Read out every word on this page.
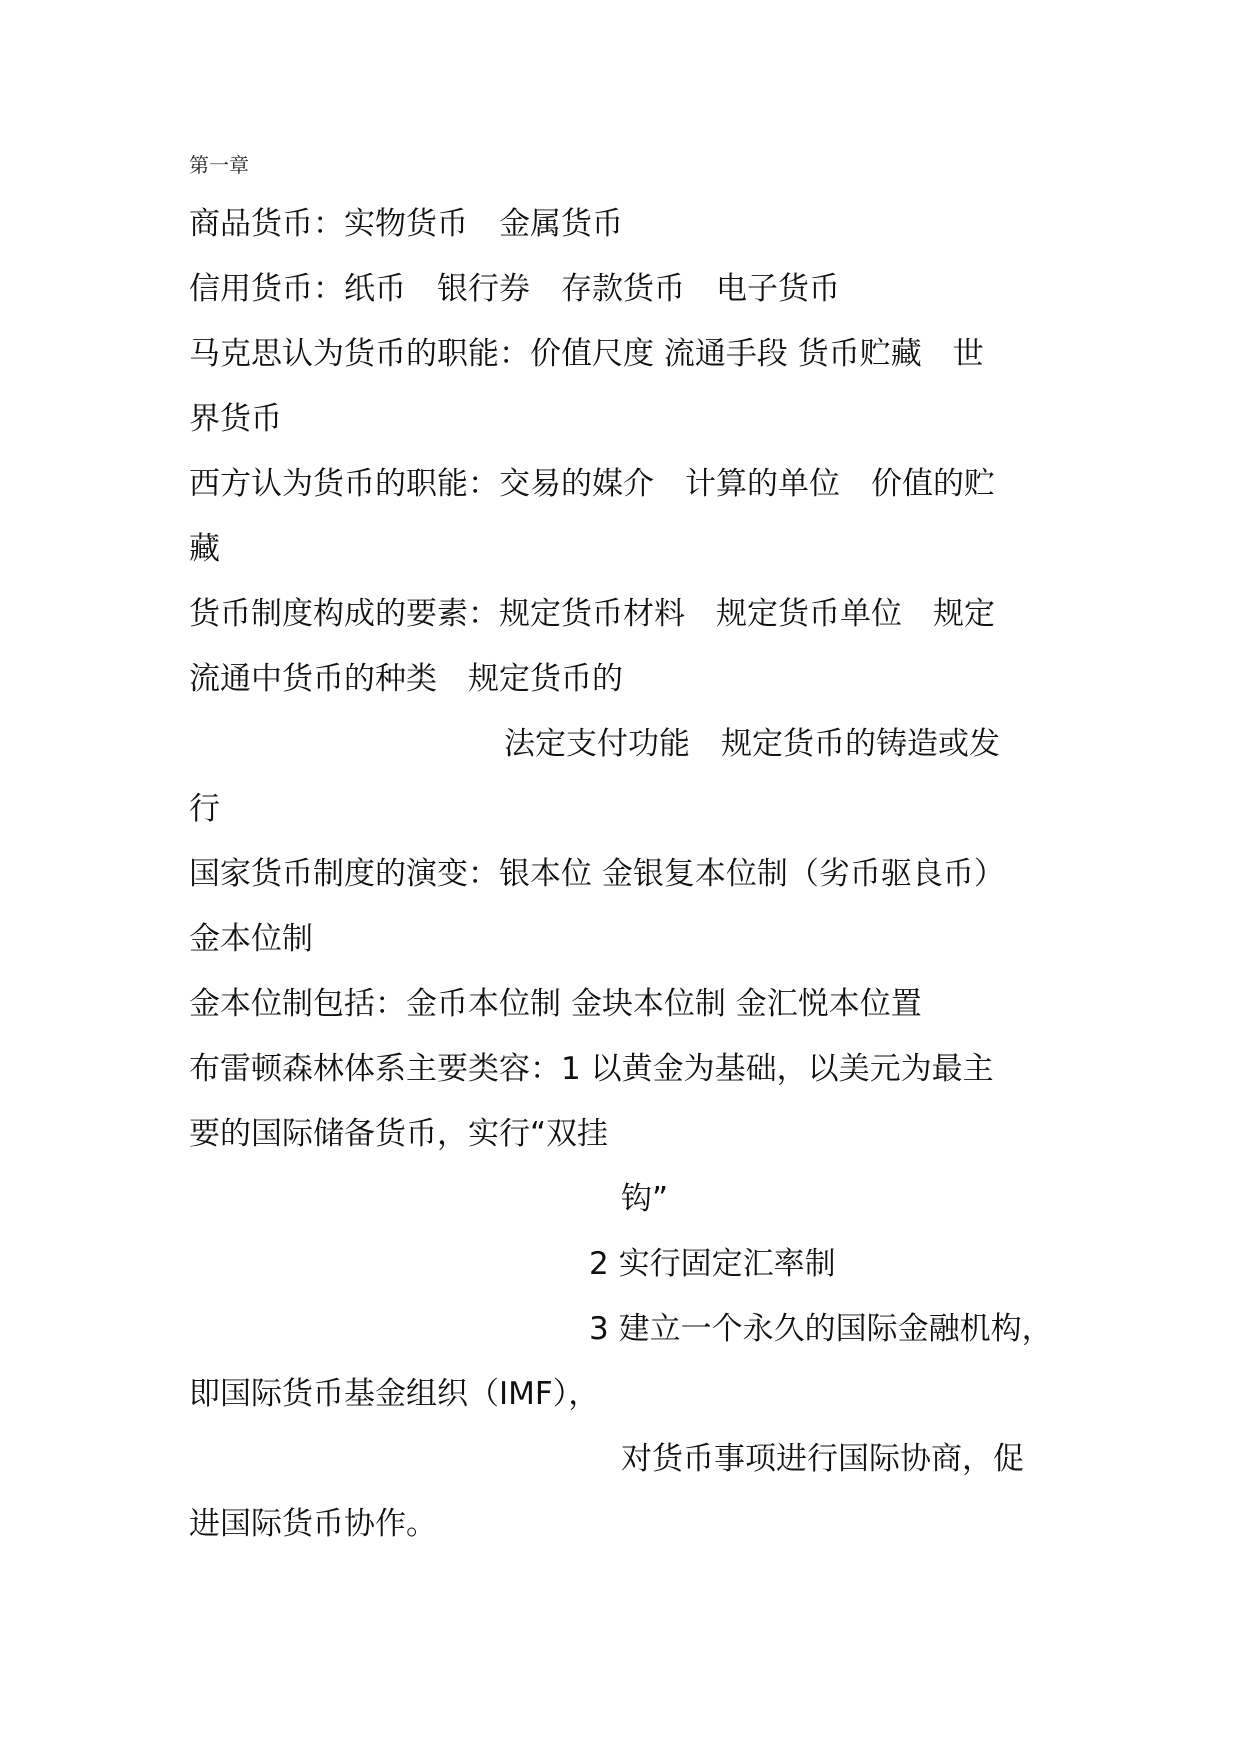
第一章
商品货币：实物货币　金属货币
信用货币：纸币　银行券　存款货币　电子货币
马克思认为货币的职能：价值尺度 流通手段 货币贮藏　世
界货币
西方认为货币的职能：交易的媒介　计算的单位　价值的贮
藏
货币制度构成的要素：规定货币材料　规定货币单位　规定
流通中货币的种类　规定货币的
法定支付功能　规定货币的铸造或发
行
国家货币制度的演变：银本位 金银复本位制（劣币驱良币）
金本位制
金本位制包括：金币本位制 金块本位制 金汇悦本位置
布雷顿森林体系主要类容：1 以黄金为基础，以美元为最主
要的国际储备货币，实行“双挂
钩”
2 实行固定汇率制
3 建立一个永久的国际金融机构，
即国际货币基金组织（IMF），
对货币事项进行国际协商，促
进国际货币协作。
